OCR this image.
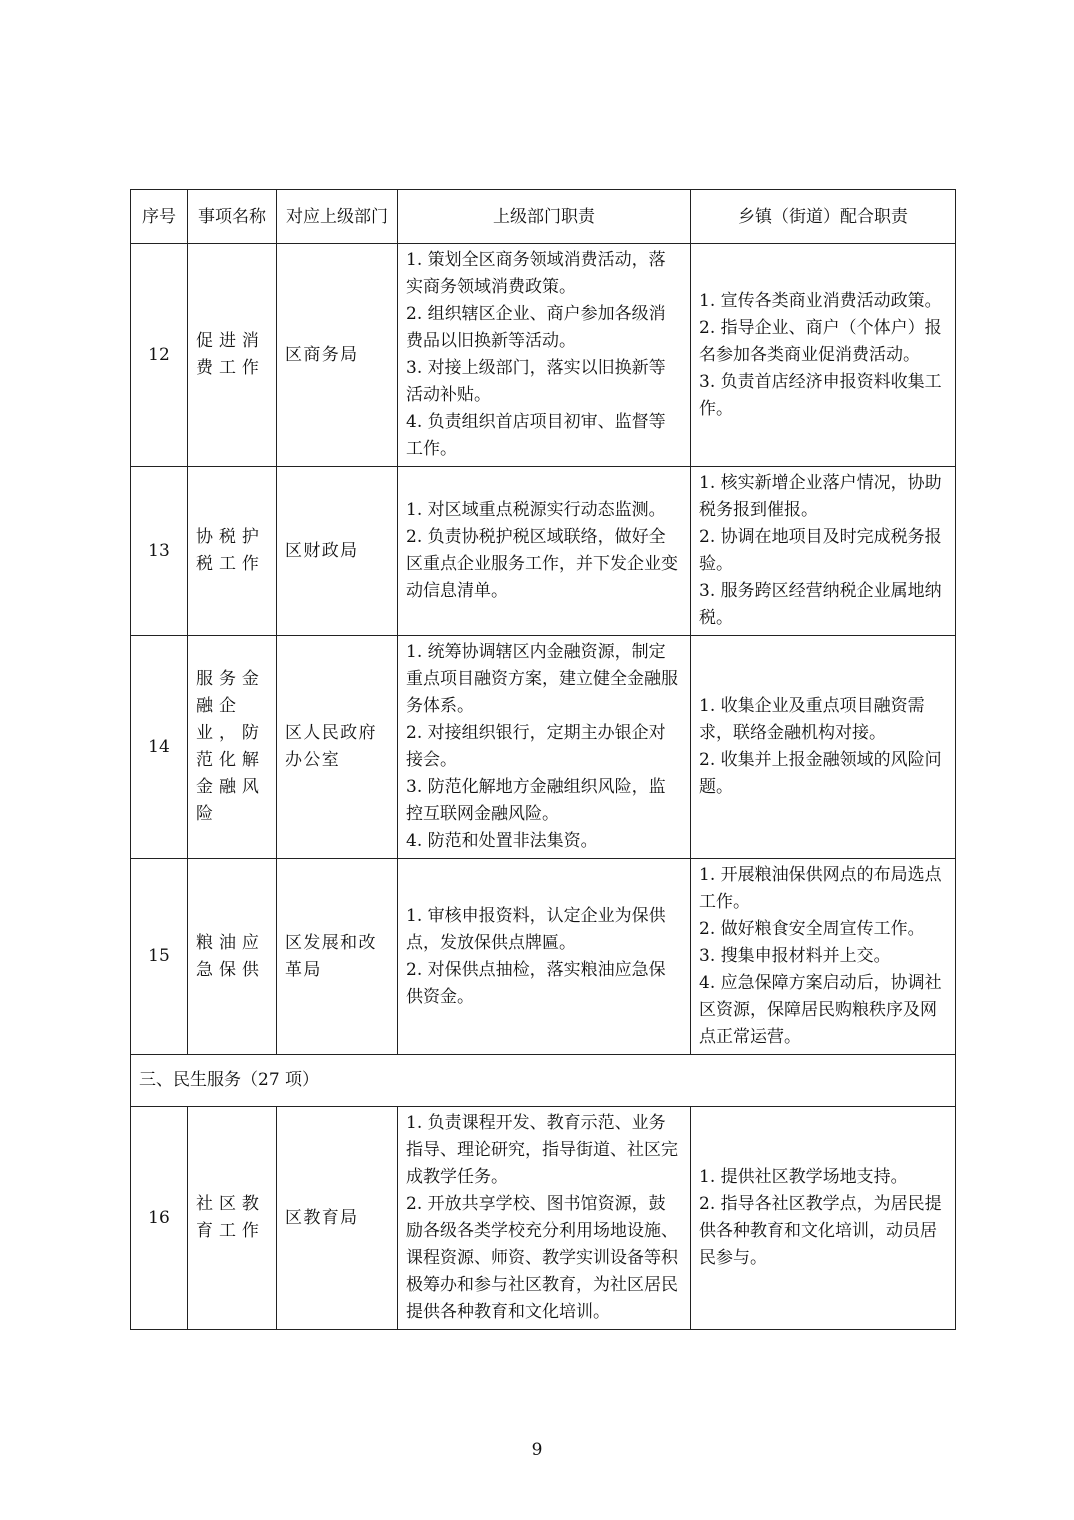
序号	事项名称	对应上级部门	上级部门职责	乡镇（街道）配合职责
12	促进消费工作	区商务局	1. 策划全区商务领域消费活动，落实商务领域消费政策。
2. 组织辖区企业、商户参加各级消费品以旧换新等活动。
3. 对接上级部门，落实以旧换新等活动补贴。
4. 负责组织首店项目初审、监督等工作。	1. 宣传各类商业消费活动政策。
2. 指导企业、商户（个体户）报名参加各类商业促消费活动。
3. 负责首店经济申报资料收集工作。

13	协税护税工作	区财政局	1. 对区域重点税源实行动态监测。
2. 负责协税护税区域联络，做好全区重点企业服务工作，并下发企业变动信息清单。	1. 核实新增企业落户情况，协助税务报到催报。
2. 协调在地项目及时完成税务报验。
3. 服务跨区经营纳税企业属地纳税。

14	服务金融企业，防范化解金融风险	区人民政府办公室	1. 统筹协调辖区内金融资源，制定重点项目融资方案，建立健全金融服务体系。
2. 对接组织银行，定期主办银企对接会。
3. 防范化解地方金融组织风险，监控互联网金融风险。
4. 防范和处置非法集资。	1. 收集企业及重点项目融资需求，联络金融机构对接。
2. 收集并上报金融领域的风险问题。

15	粮油应急保供	区发展和改革局	1. 审核申报资料，认定企业为保供点，发放保供点牌匾。
2. 对保供点抽检，落实粮油应急保供资金。	1. 开展粮油保供网点的布局选点工作。
2. 做好粮食安全周宣传工作。
3. 搜集申报材料并上交。
4. 应急保障方案启动后，协调社区资源，保障居民购粮秩序及网点正常运营。

三、民生服务（27 项）				
16	社区教育工作	区教育局	1. 负责课程开发、教育示范、业务指导、理论研究，指导街道、社区完成教学任务。
2. 开放共享学校、图书馆资源，鼓励各级各类学校充分利用场地设施、课程资源、师资、教学实训设备等积极筹办和参与社区教育，为社区居民提供各种教育和文化培训。	1. 提供社区教学场地支持。
2. 指导各社区教学点，为居民提供各种教育和文化培训，动员居民参与。
9
